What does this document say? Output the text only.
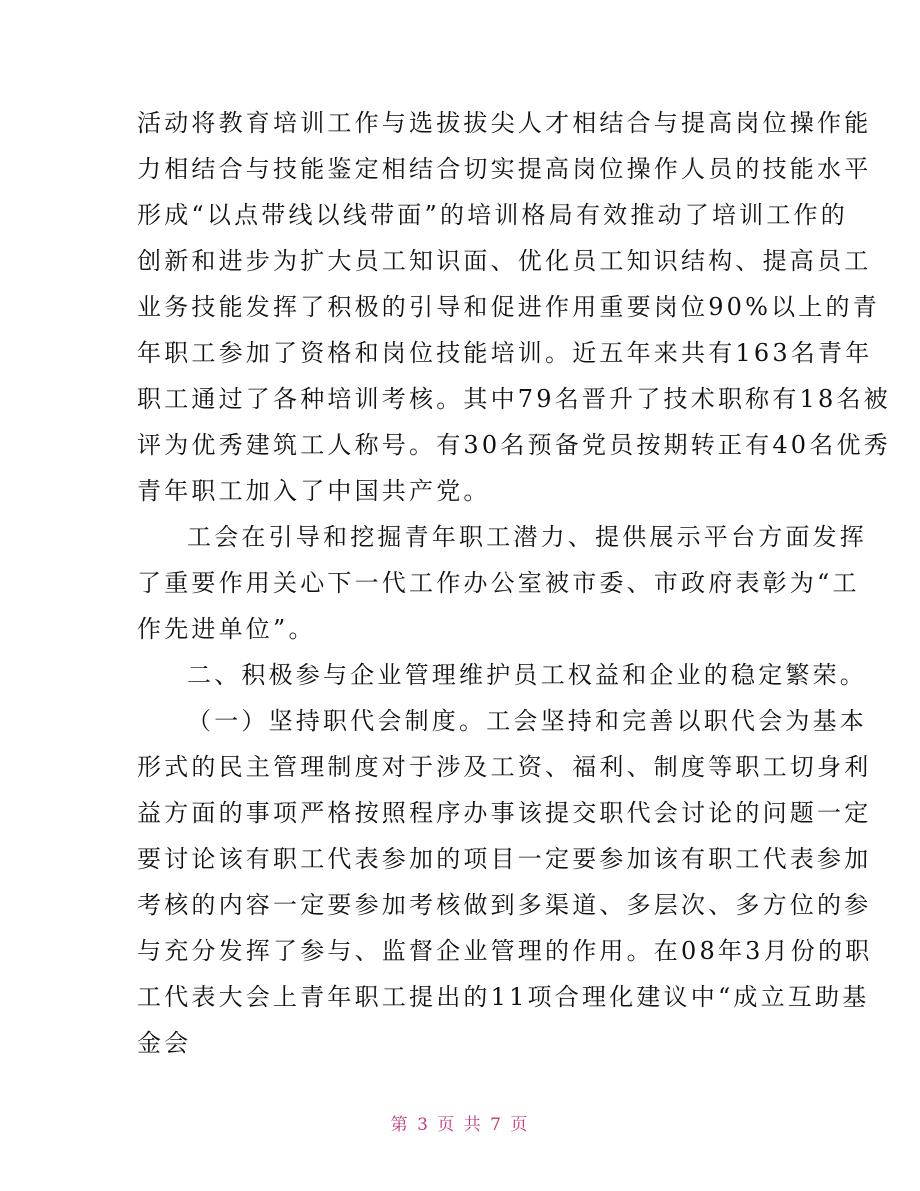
活动将教育培训工作与选拔拔尖人才相结合与提高岗位操作能
力相结合与技能鉴定相结合切实提高岗位操作人员的技能水平
形成“以点带线以线带面”的培训格局有效推动了培训工作的
创新和进步为扩大员工知识面、优化员工知识结构、提高员工
业务技能发挥了积极的引导和促进作用重要岗位90%以上的青
年职工参加了资格和岗位技能培训。近五年来共有163名青年
职工通过了各种培训考核。其中79名晋升了技术职称有18名被
评为优秀建筑工人称号。有30名预备党员按期转正有40名优秀
青年职工加入了中国共产党。
工会在引导和挖掘青年职工潜力、提供展示平台方面发挥
了重要作用关心下一代工作办公室被市委、市政府表彰为“工
作先进单位”。
二、积极参与企业管理维护员工权益和企业的稳定繁荣。
（一）坚持职代会制度。工会坚持和完善以职代会为基本
形式的民主管理制度对于涉及工资、福利、制度等职工切身利
益方面的事项严格按照程序办事该提交职代会讨论的问题一定
要讨论该有职工代表参加的项目一定要参加该有职工代表参加
考核的内容一定要参加考核做到多渠道、多层次、多方位的参
与充分发挥了参与、监督企业管理的作用。在08年3月份的职
工代表大会上青年职工提出的11项合理化建议中“成立互助基
金会
第 3 页 共 7 页
